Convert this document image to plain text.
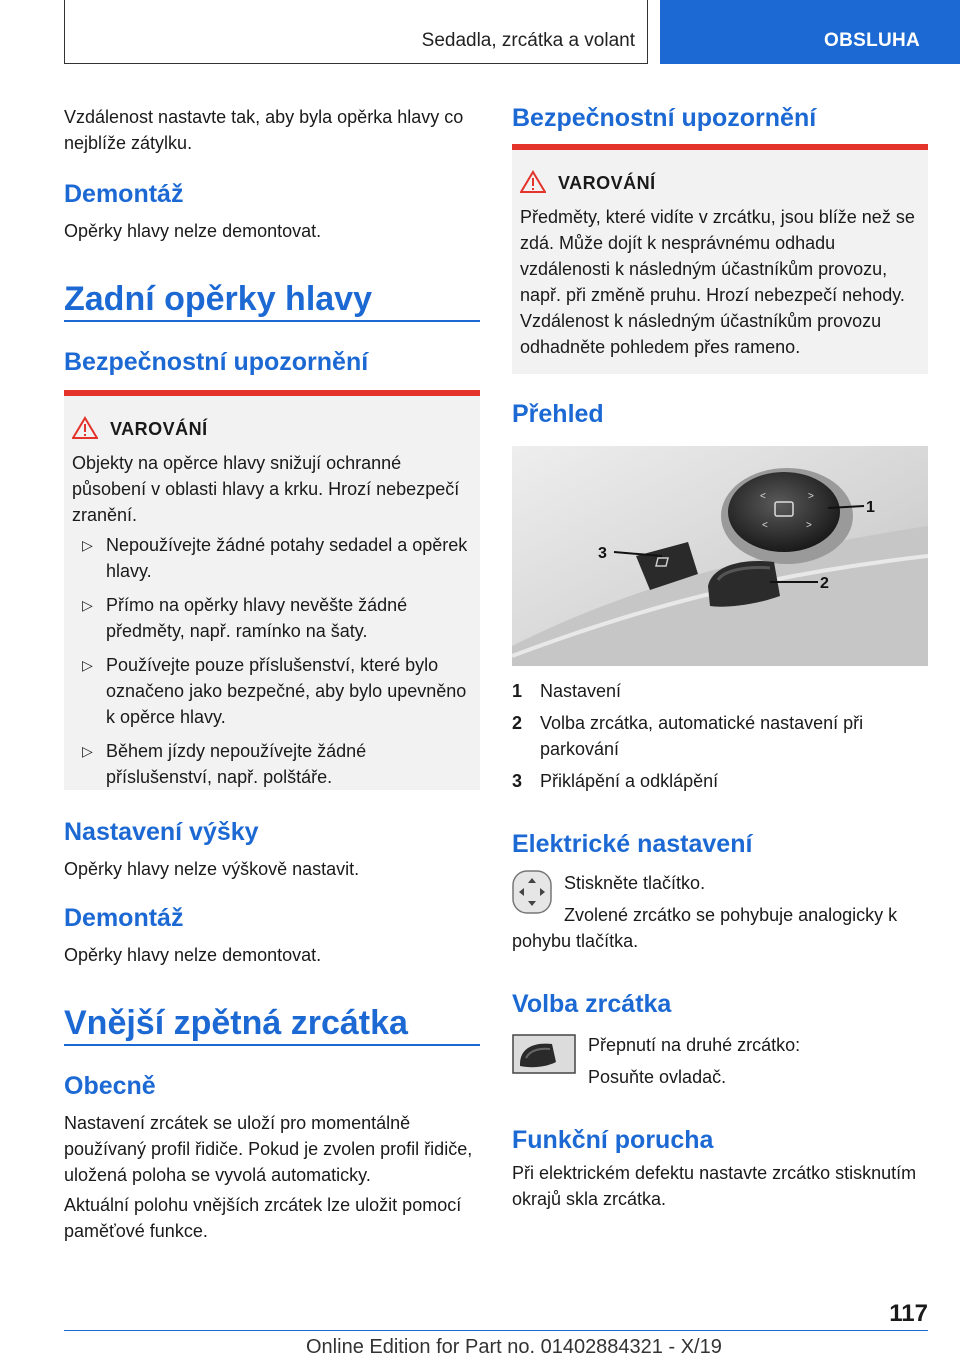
Sedadla, zrcátka a volant	OBSLUHA

Vzdálenost nastavte tak, aby byla opěrka hlavy co nejblíže zátylku.

Demontáž

Opěrky hlavy nelze demontovat.

Zadní opěrky hlavy
Bezpečnostní upozornění
VAROVÁNÍ

Objekty na opěrce hlavy snižují ochranné působení v oblasti hlavy a krku. Hrozí nebezpečí zranění.

▷ Nepoužívejte žádné potahy sedadel a opěrek hlavy.
▷ Přímo na opěrky hlavy nevěšte žádné předměty, např. ramínko na šaty.
▷ Používejte pouze příslušenství, které bylo označeno jako bezpečné, aby bylo upevněno k opěrce hlavy.
▷ Během jízdy nepoužívejte žádné příslušenství, např. polštáře.
Nastavení výšky

Opěrky hlavy nelze výškově nastavit.

Demontáž

Opěrky hlavy nelze demontovat.

Vnější zpětná zrcátka
Obecně

Nastavení zrcátek se uloží pro momentálně používaný profil řidiče. Pokud je zvolen profil řidiče, uložená poloha se vyvolá automaticky.

Aktuální polohu vnějších zrcátek lze uložit pomocí paměťové funkce.

Bezpečnostní upozornění
VAROVÁNÍ

Předměty, které vidíte v zrcátku, jsou blíže než se zdá. Může dojít k nesprávnému odhadu vzdálenosti k následným účastníkům provozu, např. při změně pruhu. Hrozí nebezpečí nehody. Vzdálenost k následným účastníkům provozu odhadněte pohledem přes rameno.

Přehled
<	>
<	>
1
2
3
1 Nastavení
2 Volba zrcátka, automatické nastavení při parkování
3 Přiklápění a odklápění
Elektrické nastavení

Stiskněte tlačítko.

Zvolené zrcátko se pohybuje analogicky k pohybu tlačítka.

Volba zrcátka

Přepnutí na druhé zrcátko:

Posuňte ovladač.

Funkční porucha

Při elektrickém defektu nastavte zrcátko stisknutím okrajů skla zrcátka.

117
Online Edition for Part no. 01402884321 - X/19
